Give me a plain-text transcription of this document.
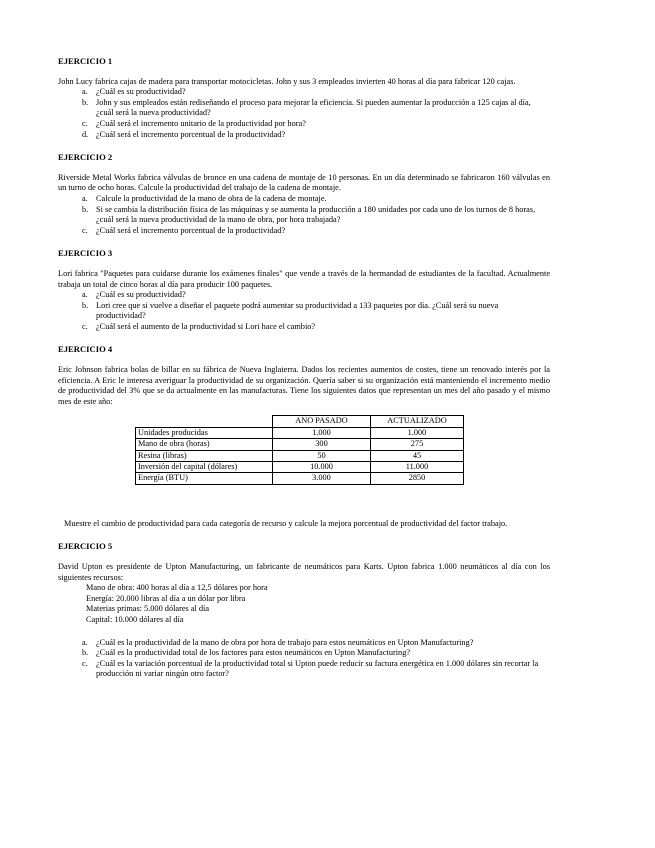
EJERCICIO 1

John Lucy fabrica cajas de madera para transportar motocicletas. John y sus 3 empleados invierten 40 horas al día para fabricar 120 cajas.

a. ¿Cuál es su productividad?
b. John y sus empleados están rediseñando el proceso para mejorar la eficiencia. Si pueden aumentar la producción a 125 cajas al día, ¿cuál será la nueva productividad?
c. ¿Cuál será el incremento unitario de la productividad por hora?
d. ¿Cuál será el incremento porcentual de la productividad?

EJERCICIO 2

Riverside Metal Works fabrica válvulas de bronce en una cadena de montaje de 10 personas. En un día determinado se fabricaron 160 válvulas en un turno de ocho horas. Calcule la productividad del trabajo de la cadena de montaje.

a. Calcule la productividad de la mano de obra de la cadena de montaje.
b. Si se cambia la distribución física de las máquinas y se aumenta la producción a 180 unidades por cada uno de los turnos de 8 horas, ¿cuál será la nueva productividad de la mano de obra, por hora trabajada?
c. ¿Cuál será el incremento porcentual de la productividad?

EJERCICIO 3

Lori fabrica "Paquetes para cuidarse durante los exámenes finales" que vende a través de la hermandad de estudiantes de la facultad. Actualmente trabaja un total de cinco horas al día para producir 100 paquetes.

a. ¿Cuál es su productividad?
b. Lori cree que si vuelve a diseñar el paquete podrá aumentar su productividad a 133 paquetes por día. ¿Cuál será su nueva productividad?
c. ¿Cuál será el aumento de la productividad si Lori hace el cambio?

EJERCICIO 4

Eric Johnson fabrica bolas de billar en su fábrica de Nueva Inglaterra. Dados los recientes aumentos de costes, tiene un renovado interés por la eficiencia. A Eric le interesa averiguar la productividad de su organización. Quería saber si su organización está manteniendo el incremento medio de productividad del 3% que se da actualmente en las manufacturas. Tiene los siguientes datos que representan un mes del año pasado y el mismo mes de este año:

	ANO PASADO	ACTUALIZADO
Unidades producidas	1.000	1.000
Mano de obra (horas)	300	275
Resina (libras)	50	45
Inversión del capital (dólares)	10.000	11.000
Energía (BTU)	3.000	2850

Muestre el cambio de productividad para cada categoría de recurso y calcule la mejora porcentual de productividad del factor trabajo.

EJERCICIO 5

David Upton es presidente de Upton Manufacturing, un fabricante de neumáticos para Karts. Upton fabrica 1.000 neumáticos al día con los siguientes recursos:

Mano de obra: 400 horas al día a 12,5 dólares por hora
Energía: 20.000 libras al día a un dólar por libra
Materias primas: 5.000 dólares al día
Capital: 10.000 dólares al día
a. ¿Cuál es la productividad de la mano de obra por hora de trabajo para estos neumáticos en Upton Manufacturing?
b. ¿Cuál es la productividad total de los factores para estos neumáticos en Upton Manufacturing?
c. ¿Cuál es la variación porcentual de la productividad total si Upton puede reducir su factura energética en 1.000 dólares sin recortar la producción ni variar ningún otro factor?
